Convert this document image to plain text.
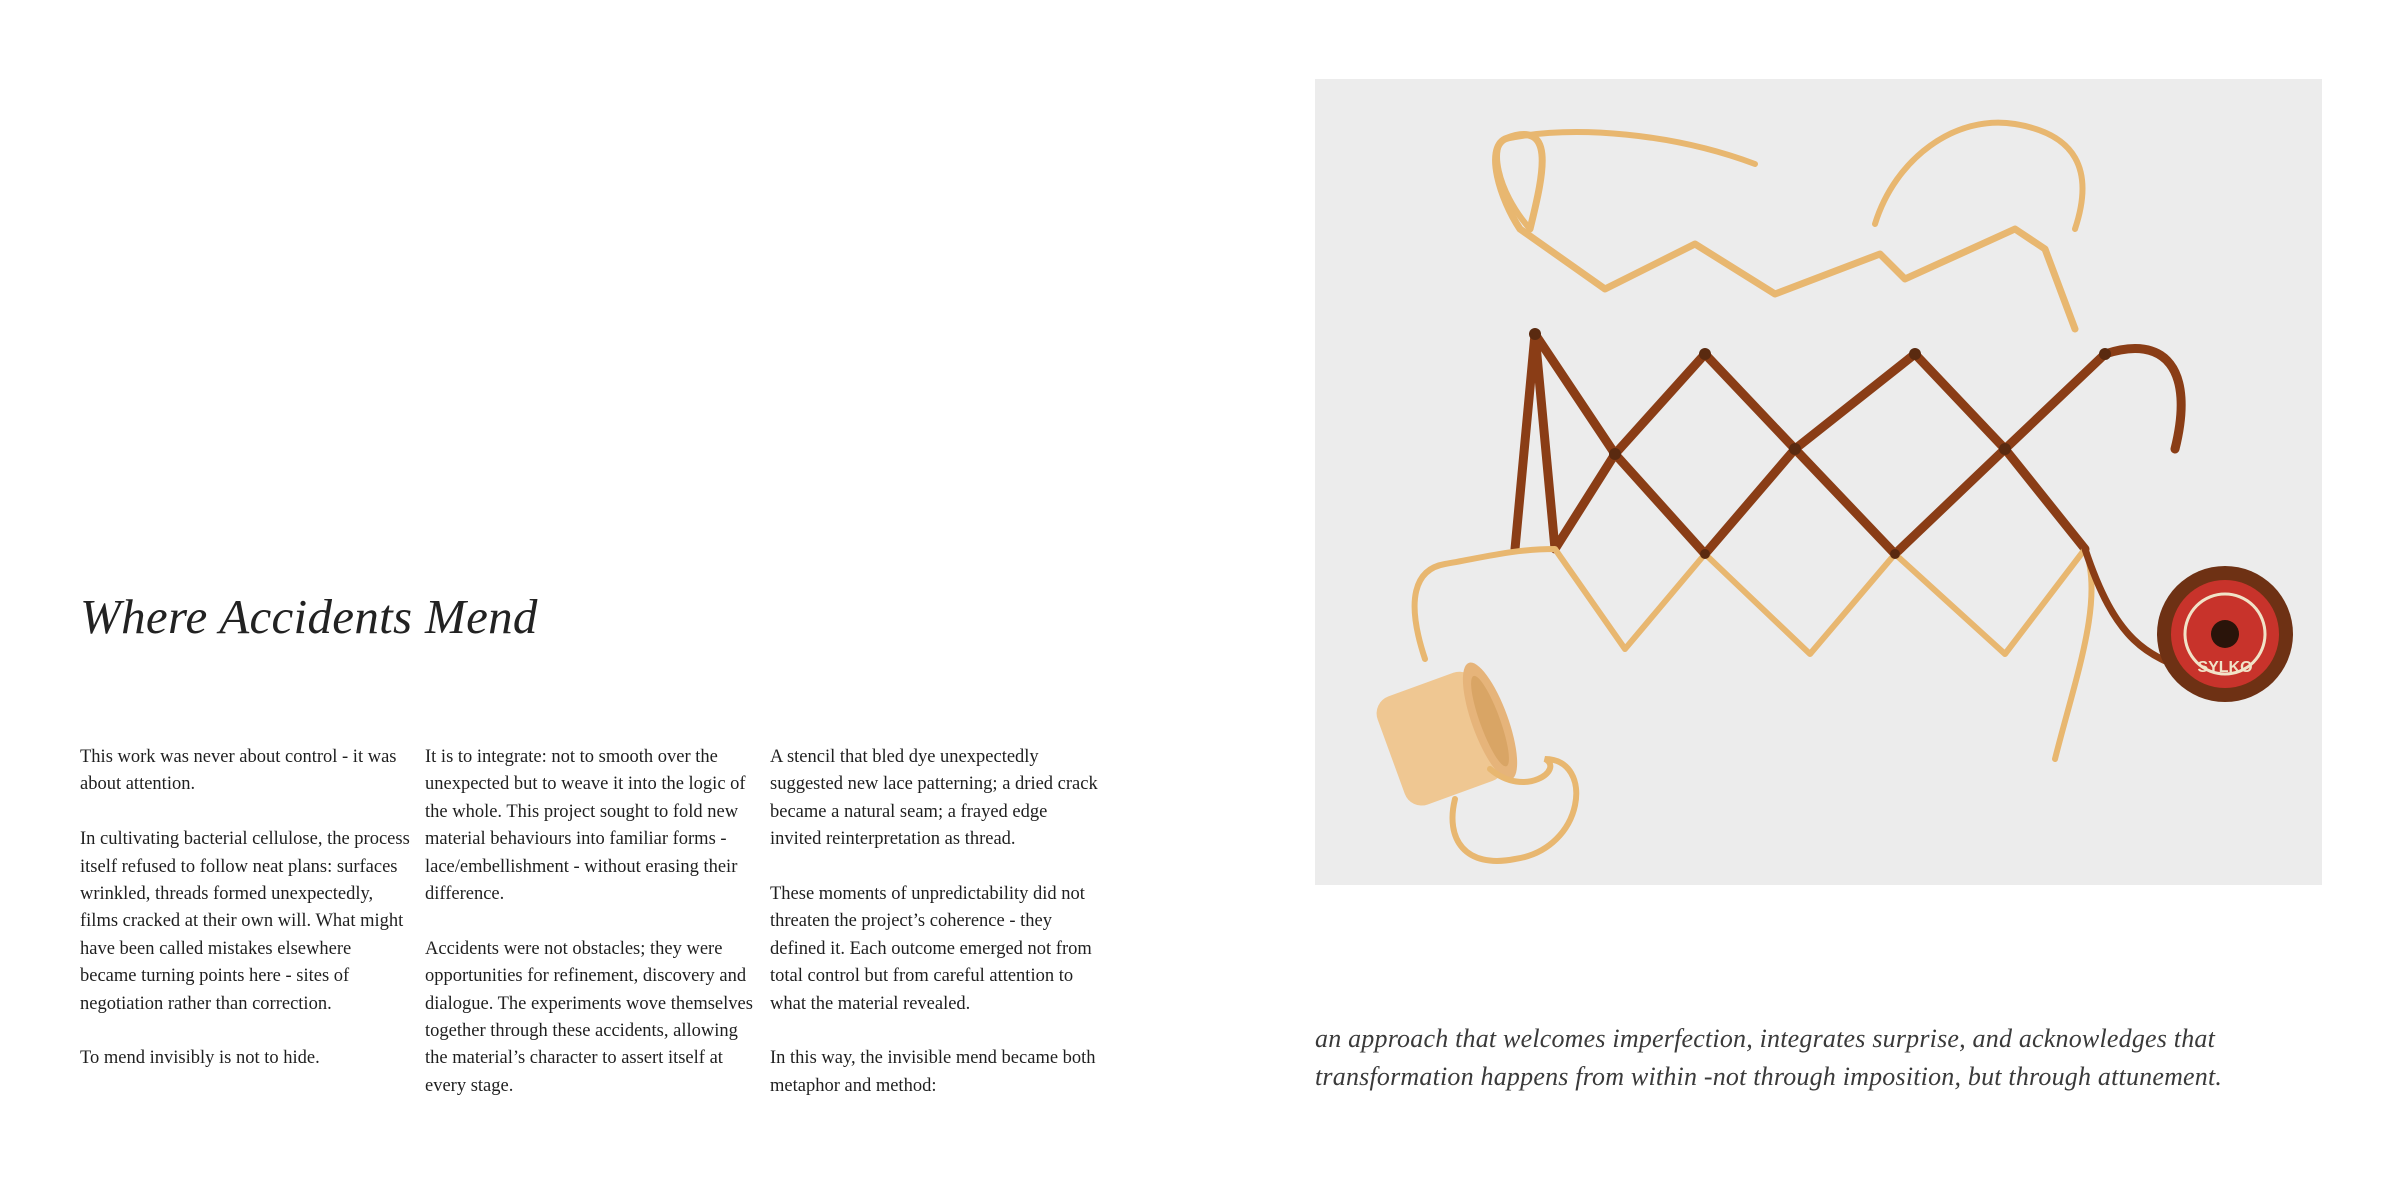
Where Accidents Mend

This work was never about control - it was about attention.

In cultivating bacterial cellulose, the process itself refused to follow neat plans: surfaces wrinkled, threads formed unexpectedly, films cracked at their own will. What might have been called mistakes elsewhere became turning points here - sites of negotiation rather than correction.

To mend invisibly is not to hide.

It is to integrate: not to smooth over the unexpected but to weave it into the logic of the whole. This project sought to fold new material behaviours into familiar forms - lace/embellishment - without erasing their difference.

Accidents were not obstacles; they were opportunities for refinement, discovery and dialogue. The experiments wove themselves together through these accidents, allowing the material’s character to assert itself at every stage.

A stencil that bled dye unexpectedly suggested new lace patterning; a dried crack became a natural seam; a frayed edge invited reinterpretation as thread.

These moments of unpredictability did not threaten the project’s coherence - they defined it. Each outcome emerged not from total control but from careful attention to what the material revealed.

In this way, the invisible mend became both metaphor and method:

SYLKO
an approach that welcomes imperfection, integrates surprise, and acknowledges that
transformation happens from within -not through imposition, but through attunement.
